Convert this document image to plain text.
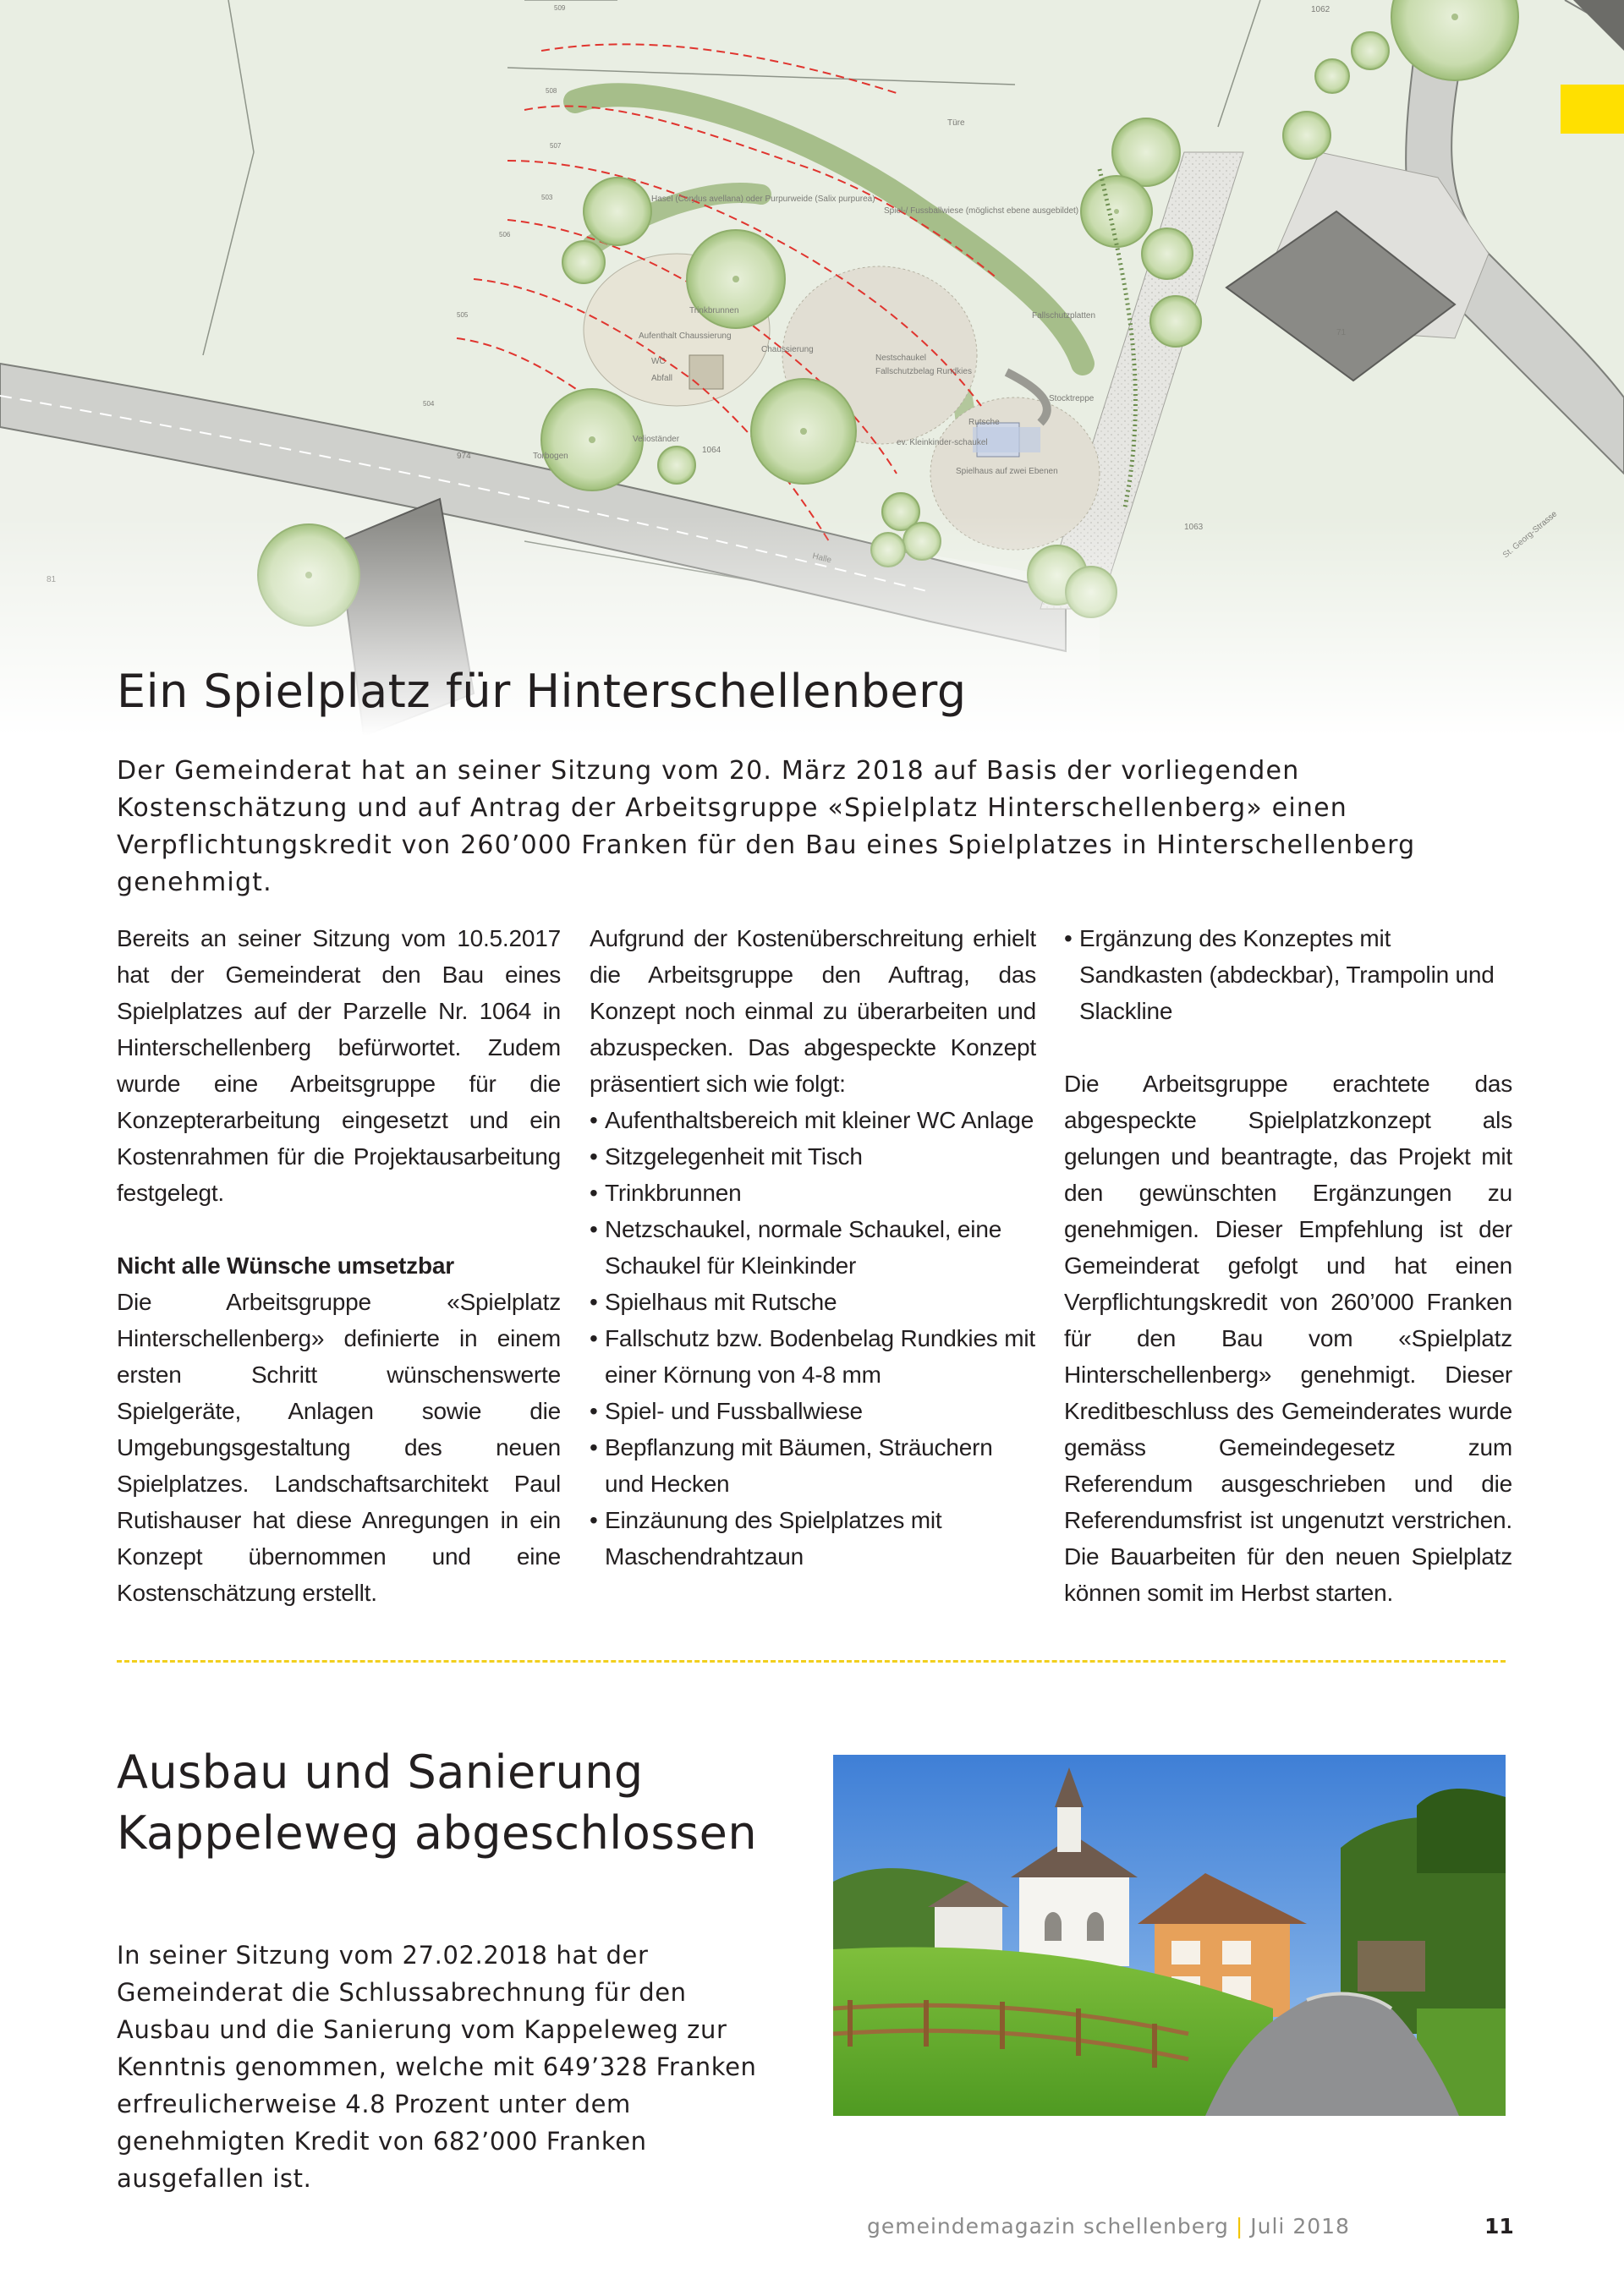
Ein Spielplatz für Hinterschellenberg

Der Gemeinderat hat an seiner Sitzung vom 20. März 2018 auf Basis der vorliegenden Kostenschätzung und auf Antrag der Arbeitsgruppe «Spielplatz Hinterschellenberg» einen Verpflichtungskredit von 260’000 Franken für den Bau eines Spielplatzes in Hinterschellenberg genehmigt.

Bereits an seiner Sitzung vom 10.5.2017 hat der Gemeinderat den Bau eines Spielplatzes auf der Parzelle Nr. 1064 in Hinterschellenberg befürwortet. Zudem wurde eine Arbeitsgruppe für die Konzepterarbeitung eingesetzt und ein Kostenrahmen für die Projektausarbeitung festgelegt.

Nicht alle Wünsche umsetzbar

Die Arbeitsgruppe «Spielplatz Hinterschellenberg» definierte in einem ersten Schritt wünschenswerte Spielgeräte, Anlagen sowie die Umgebungsgestaltung des neuen Spielplatzes. Landschaftsarchitekt Paul Rutishauser hat diese Anregungen in ein Konzept übernommen und eine Kostenschätzung erstellt.

Aufgrund der Kostenüberschreitung erhielt die Arbeitsgruppe den Auftrag, das Konzept noch einmal zu überarbeiten und abzuspecken. Das abgespeckte Konzept präsentiert sich wie folgt:

• Aufenthaltsbereich mit kleiner WC Anlage
• Sitzgelegenheit mit Tisch
• Trinkbrunnen
• Netzschaukel, normale Schaukel, eine Schaukel für Kleinkinder
• Spielhaus mit Rutsche
• Fallschutz bzw. Bodenbelag Rundkies mit einer Körnung von 4-8 mm
• Spiel- und Fussballwiese
• Bepflanzung mit Bäumen, Sträuchern und Hecken
• Einzäunung des Spielplatzes mit Maschendrahtzaun
• Ergänzung des Konzeptes mit Sandkasten (abdeckbar), Trampolin und Slackline

Die Arbeitsgruppe erachtete das abgespeckte Spielplatzkonzept als gelungen und beantragte, das Projekt mit den gewünschten Ergänzungen zu genehmigen. Dieser Empfehlung ist der Gemeinderat gefolgt und hat einen Verpflichtungskredit von 260’000 Franken für den Bau vom «Spielplatz Hinterschellenberg» genehmigt. Dieser Kreditbeschluss des Gemeinderates wurde gemäss Gemeindegesetz zum Referendum ausgeschrieben und die Referendumsfrist ist ungenutzt verstrichen. Die Bauarbeiten für den neuen Spielplatz können somit im Herbst starten.

Ausbau und Sanierung
Kappeleweg abgeschlossen

In seiner Sitzung vom 27.02.2018 hat der Gemeinderat die Schlussabrechnung für den Ausbau und die Sanierung vom Kappeleweg zur Kenntnis genommen, welche mit 649’328 Franken erfreulicherweise 4.8 Prozent unter dem genehmigten Kredit von 682’000 Franken ausgefallen ist.

gemeindemagazin schellenberg | Juli 2018	11
